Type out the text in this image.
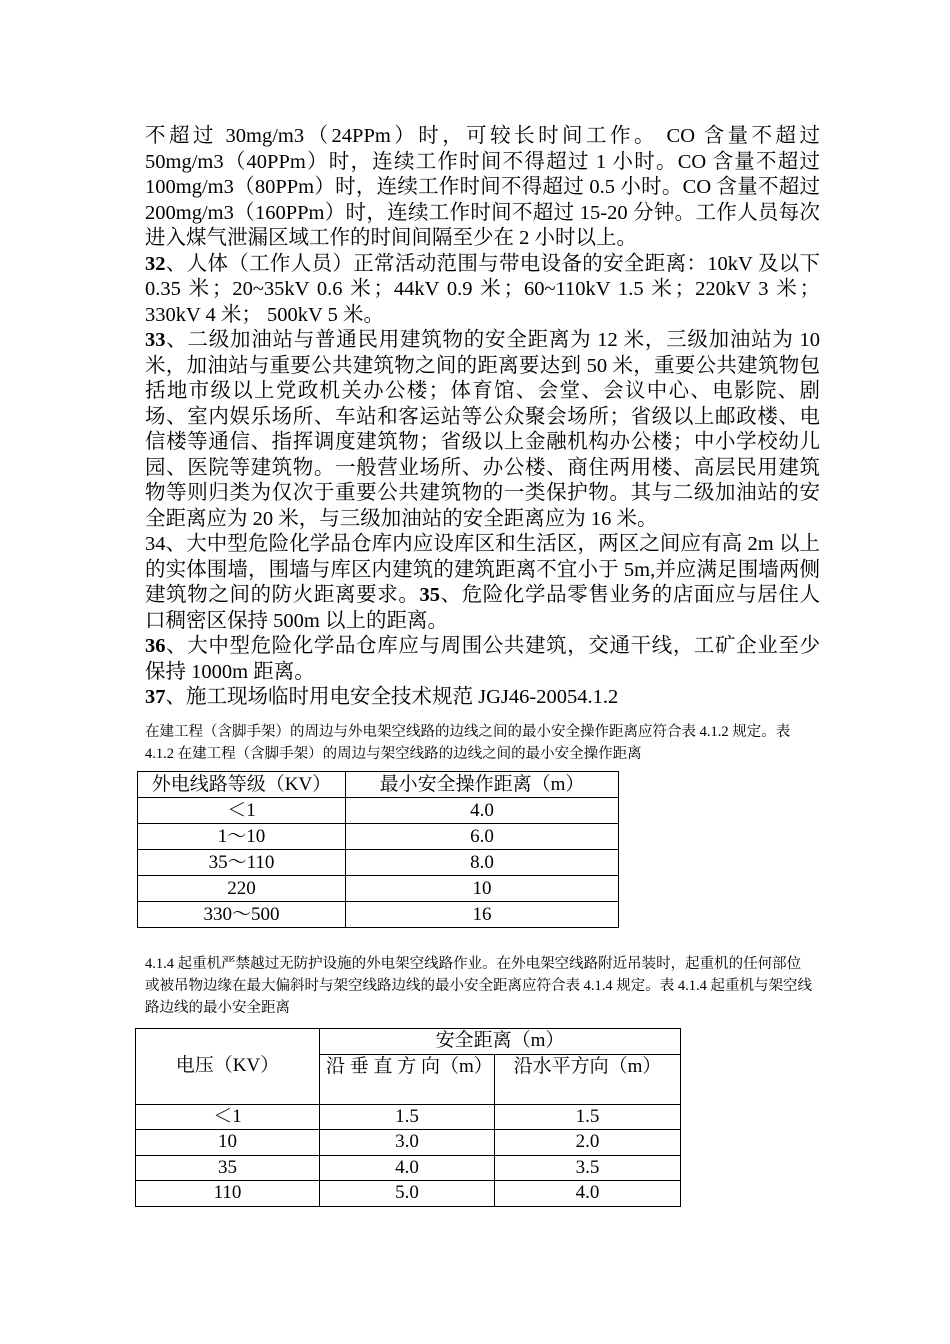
不超过 30mg/m3（24PPm）时，可较长时间工作。 CO 含量不超过 50mg/m3（40PPm）时，连续工作时间不得超过 1 小时。CO 含量不超过 100mg/m3（80PPm）时，连续工作时间不得超过 0.5 小时。CO 含量不超过 200mg/m3（160PPm）时，连续工作时间不超过 15-20 分钟。工作人员每次进入煤气泄漏区域工作的时间间隔至少在 2 小时以上。

32、人体（工作人员）正常活动范围与带电设备的安全距离：10kV 及以下 0.35 米；20~35kV 0.6 米；44kV 0.9 米；60~110kV 1.5 米；220kV 3 米； 330kV 4 米； 500kV 5 米。

33、二级加油站与普通民用建筑物的安全距离为 12 米，三级加油站为 10 米，加油站与重要公共建筑物之间的距离要达到 50 米，重要公共建筑物包括地市级以上党政机关办公楼；体育馆、会堂、会议中心、电影院、剧场、室内娱乐场所、车站和客运站等公众聚会场所；省级以上邮政楼、电信楼等通信、指挥调度建筑物；省级以上金融机构办公楼；中小学校幼儿园、医院等建筑物。一般营业场所、办公楼、商住两用楼、高层民用建筑物等则归类为仅次于重要公共建筑物的一类保护物。其与二级加油站的安全距离应为 20 米，与三级加油站的安全距离应为 16 米。

34、大中型危险化学品仓库内应设库区和生活区，两区之间应有高 2m 以上的实体围墙，围墙与库区内建筑的建筑距离不宜小于 5m,并应满足围墙两侧建筑物之间的防火距离要求。35、危险化学品零售业务的店面应与居住人口稠密区保持 500m 以上的距离。

36、大中型危险化学品仓库应与周围公共建筑，交通干线，工矿企业至少保持 1000m 距离。

37、施工现场临时用电安全技术规范 JGJ46-20054.1.2

在建工程（含脚手架）的周边与外电架空线路的边线之间的最小安全操作距离应符合表 4.1.2 规定。表 4.1.2 在建工程（含脚手架）的周边与架空线路的边线之间的最小安全操作距离

外电线路等级（KV）	最小安全操作距离（m）
＜1	4.0
1～10	6.0
35～110	8.0
220	10
330～500	16

4.1.4 起重机严禁越过无防护设施的外电架空线路作业。在外电架空线路附近吊装时，起重机的任何部位或被吊物边缘在最大偏斜时与架空线路边线的最小安全距离应符合表 4.1.4 规定。表 4.1.4 起重机与架空线路边线的最小安全距离

电压（KV）	安全距离（m）	
	沿 垂 直 方 向（m）	沿水平方向（m）
＜1	1.5	1.5
10	3.0	2.0
35	4.0	3.5
110	5.0	4.0
